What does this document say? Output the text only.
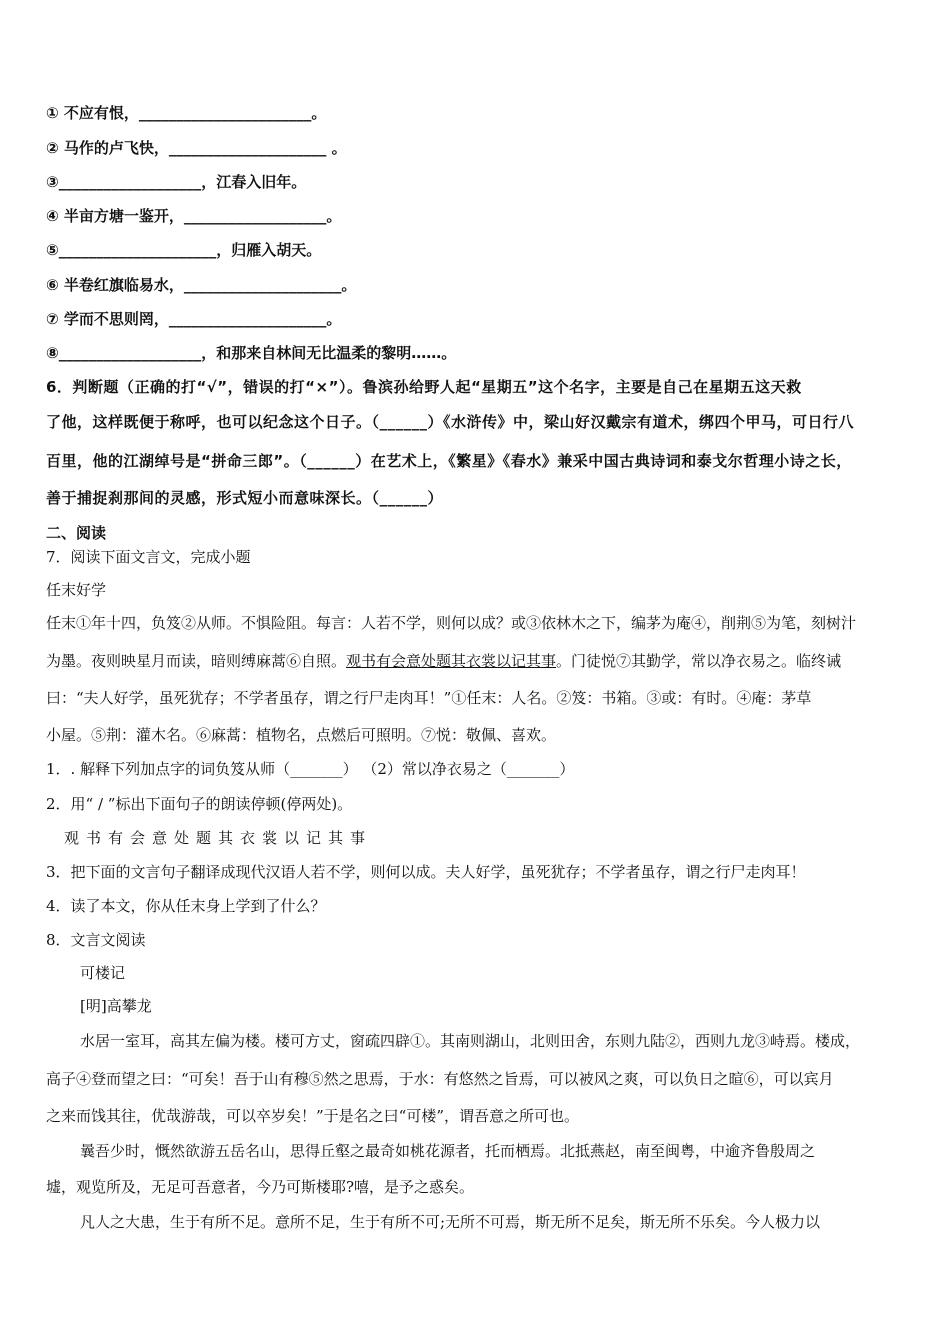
① 不应有恨，_______________________。
② 马作的卢飞快，_____________________ 。
③___________________，江春入旧年。
④ 半亩方塘一鉴开，___________________。
⑤_____________________，归雁入胡天。
⑥ 半卷红旗临易水，_____________________。
⑦ 学而不思则罔，_____________________。
⑧___________________，和那来自林间无比温柔的黎明……。
6．判断题（正确的打“√”，错误的打“×”）。鲁滨孙给野人起“星期五”这个名字，主要是自己在星期五这天救
了他，这样既便于称呼，也可以纪念这个日子。（______）《水浒传》中，梁山好汉戴宗有道术，绑四个甲马，可日行八
百里，他的江湖绰号是“拼命三郎”。（______）在艺术上，《繁星》《春水》兼采中国古典诗词和泰戈尔哲理小诗之长，
善于捕捉刹那间的灵感，形式短小而意味深长。（______）
二、阅读
7．阅读下面文言文，完成小题
任末好学
任末①年十四，负笈②从师。不惧险阻。每言：人若不学，则何以成？或③依林木之下，编茅为庵④，削荆⑤为笔，刻树汁
为墨。夜则映星月而读，暗则缚麻蒿⑥自照。观书有会意处题其衣裳以记其事。门徒悦⑦其勤学，常以净衣易之。临终诫
曰：“夫人好学，虽死犹存；不学者虽存，谓之行尸走肉耳！”①任末：人名。②笈：书箱。③或：有时。④庵：茅草
小屋。⑤荆：灌木名。⑥麻蒿：植物名，点燃后可照明。⑦悦：敬佩、喜欢。
1．. 解释下列加点字的词负笈从师（_______） （2）常以净衣易之（_______）
2．用“ / ”标出下面句子的朗读停顿(停两处)。
观书有会意处题其衣裳以记其事
3．把下面的文言句子翻译成现代汉语人若不学，则何以成。夫人好学，虽死犹存；不学者虽存，谓之行尸走肉耳！
4．读了本文，你从任末身上学到了什么？
8．文言文阅读
可楼记
[明]高攀龙
水居一室耳，高其左偏为楼。楼可方丈，窗疏四辟①。其南则湖山，北则田舍，东则九陆②，西则九龙③峙焉。楼成，
高子④登而望之曰：“可矣！吾于山有穆⑤然之思焉，于水：有悠然之旨焉，可以被风之爽，可以负日之暄⑥，可以宾月
之来而饯其往，优哉游哉，可以卒岁矣！”于是名之曰“可楼”，谓吾意之所可也。
曩吾少时，慨然欲游五岳名山，思得丘壑之最奇如桃花源者，托而栖焉。北抵燕赵，南至闽粤，中逾齐鲁殷周之
墟，观览所及，无足可吾意者，今乃可斯楼耶?嘻，是予之惑矣。
凡人之大患，生于有所不足。意所不足，生于有所不可;无所不可焉，斯无所不足矣，斯无所不乐矣。今人极力以
